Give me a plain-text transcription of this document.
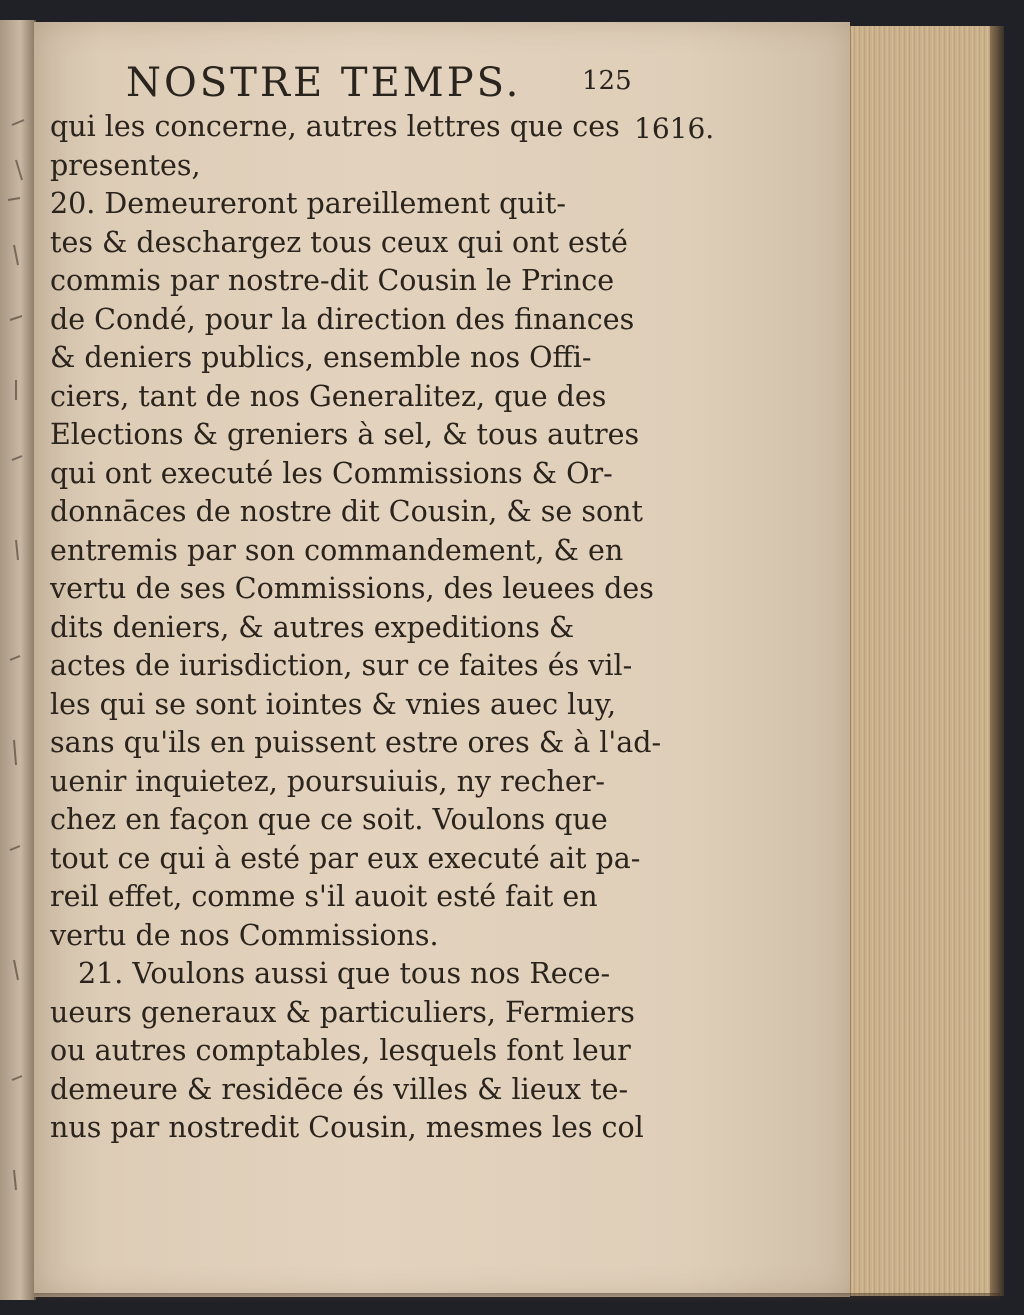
NOSTRE TEMPS. 125
1616.
qui les concerne, autres lettres que ces
presentes,
20. Demeureront pareillement quit-
tes & deschargez tous ceux qui ont esté
commis par nostre-dit Cousin le Prince
de Condé, pour la direction des finances
& deniers publics, ensemble nos Offi-
ciers, tant de nos Generalitez, que des
Elections & greniers à sel, & tous autres
qui ont executé les Commissions & Or-
donnāces de nostre dit Cousin, & se sont
entremis par son commandement, & en
vertu de ses Commissions, des leuees des
dits deniers, & autres expeditions &
actes de iurisdiction, sur ce faites és vil-
les qui se sont iointes & vnies auec luy,
sans qu'ils en puissent estre ores & à l'ad-
uenir inquietez, poursuiuis, ny recher-
chez en façon que ce soit. Voulons que
tout ce qui à esté par eux executé ait pa-
reil effet, comme s'il auoit esté fait en
vertu de nos Commissions.
21. Voulons aussi que tous nos Rece-
ueurs generaux & particuliers, Fermiers
ou autres comptables, lesquels font leur
demeure & residēce és villes & lieux te-
nus par nostredit Cousin, mesmes les col
